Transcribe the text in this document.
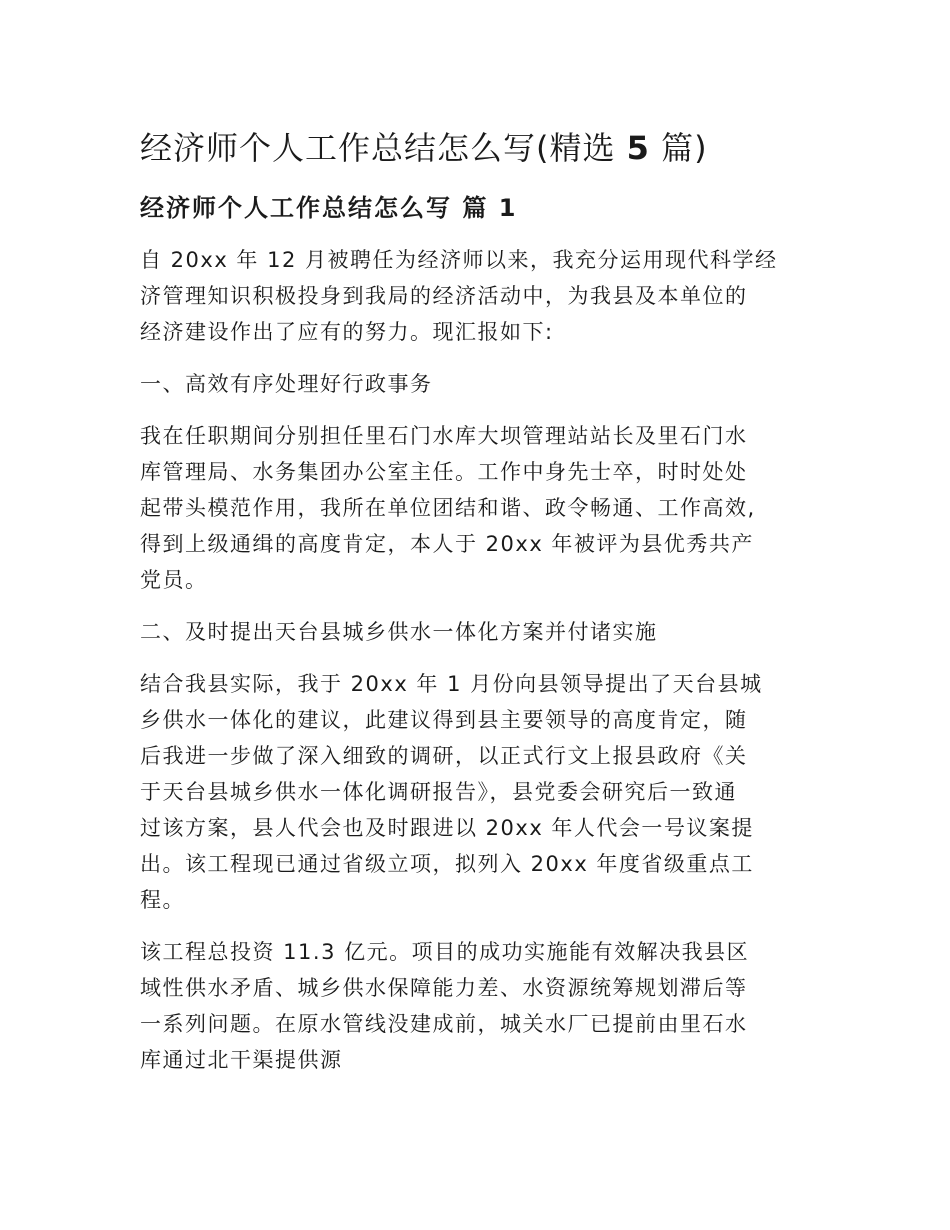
经济师个人工作总结怎么写(精选 5 篇)
经济师个人工作总结怎么写 篇 1

自 20xx 年 12 月被聘任为经济师以来，我充分运用现代科学经
济管理知识积极投身到我局的经济活动中，为我县及本单位的
经济建设作出了应有的努力。现汇报如下:

一、高效有序处理好行政事务

我在任职期间分别担任里石门水库大坝管理站站长及里石门水
库管理局、水务集团办公室主任。工作中身先士卒，时时处处
起带头模范作用，我所在单位团结和谐、政令畅通、工作高效,
得到上级通缉的高度肯定，本人于 20xx 年被评为县优秀共产
党员。

二、及时提出天台县城乡供水一体化方案并付诸实施

结合我县实际，我于 20xx 年 1 月份向县领导提出了天台县城
乡供水一体化的建议，此建议得到县主要领导的高度肯定，随
后我进一步做了深入细致的调研，以正式行文上报县政府《关
于天台县城乡供水一体化调研报告》，县党委会研究后一致通
过该方案，县人代会也及时跟进以 20xx 年人代会一号议案提
出。该工程现已通过省级立项，拟列入 20xx 年度省级重点工
程。

该工程总投资 11.3 亿元。项目的成功实施能有效解决我县区
域性供水矛盾、城乡供水保障能力差、水资源统筹规划滞后等
一系列问题。在原水管线没建成前，城关水厂已提前由里石水
库通过北干渠提供源
